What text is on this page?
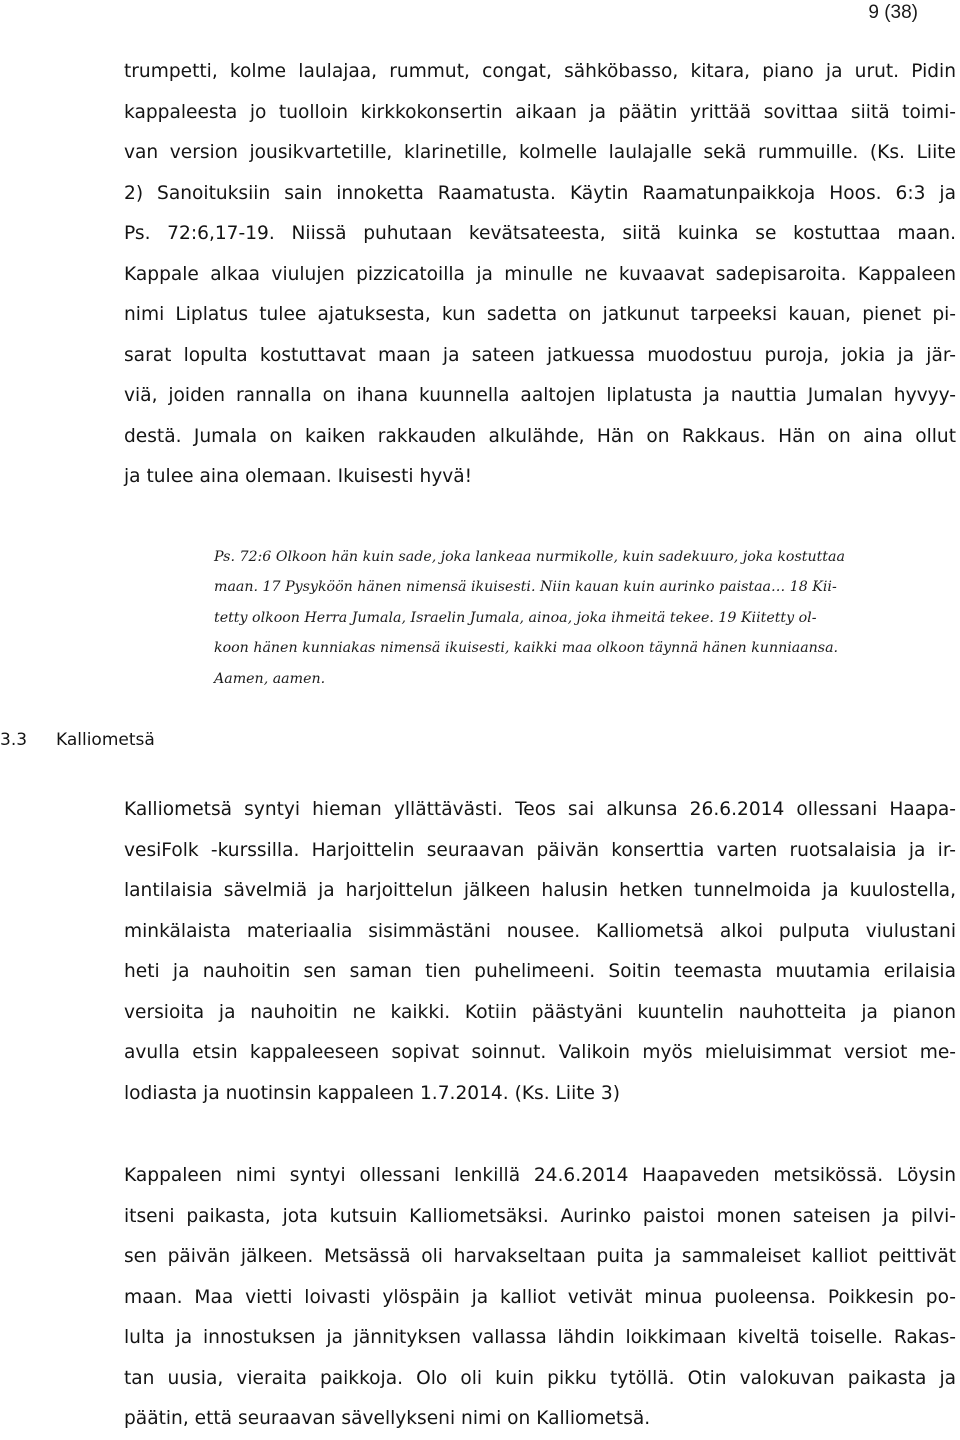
9 (38)
trumpetti, kolme laulajaa, rummut, congat, sähköbasso, kitara, piano ja urut. Pidin
kappaleesta jo tuolloin kirkkokonsertin aikaan ja päätin yrittää sovittaa siitä toimi-
van version jousikvartetille, klarinetille, kolmelle laulajalle sekä rummuille. (Ks. Liite
2) Sanoituksiin sain innoketta Raamatusta. Käytin Raamatunpaikkoja Hoos. 6:3 ja
Ps. 72:6,17-19. Niissä puhutaan kevätsateesta, siitä kuinka se kostuttaa maan.
Kappale alkaa viulujen pizzicatoilla ja minulle ne kuvaavat sadepisaroita. Kappaleen
nimi Liplatus tulee ajatuksesta, kun sadetta on jatkunut tarpeeksi kauan, pienet pi-
sarat lopulta kostuttavat maan ja sateen jatkuessa muodostuu puroja, jokia ja jär-
viä, joiden rannalla on ihana kuunnella aaltojen liplatusta ja nauttia Jumalan hyvyy-
destä. Jumala on kaiken rakkauden alkulähde, Hän on Rakkaus. Hän on aina ollut
ja tulee aina olemaan. Ikuisesti hyvä!
Ps. 72:6 Olkoon hän kuin sade, joka lankeaa nurmikolle, kuin sadekuuro, joka kostuttaa
maan. 17 Pysyköön hänen nimensä ikuisesti. Niin kauan kuin aurinko paistaa… 18 Kii-
tetty olkoon Herra Jumala, Israelin Jumala, ainoa, joka ihmeitä tekee. 19 Kiitetty ol-
koon hänen kunniakas nimensä ikuisesti, kaikki maa olkoon täynnä hänen kunniaansa.
Aamen, aamen.
3.3 Kalliometsä
Kalliometsä syntyi hieman yllättävästi. Teos sai alkunsa 26.6.2014 ollessani Haapa-
vesiFolk -kurssilla. Harjoittelin seuraavan päivän konserttia varten ruotsalaisia ja ir-
lantilaisia sävelmiä ja harjoittelun jälkeen halusin hetken tunnelmoida ja kuulostella,
minkälaista materiaalia sisimmästäni nousee. Kalliometsä alkoi pulputa viulustani
heti ja nauhoitin sen saman tien puhelimeeni. Soitin teemasta muutamia erilaisia
versioita ja nauhoitin ne kaikki. Kotiin päästyäni kuuntelin nauhotteita ja pianon
avulla etsin kappaleeseen sopivat soinnut. Valikoin myös mieluisimmat versiot me-
lodiasta ja nuotinsin kappaleen 1.7.2014. (Ks. Liite 3)
Kappaleen nimi syntyi ollessani lenkillä 24.6.2014 Haapaveden metsikössä. Löysin
itseni paikasta, jota kutsuin Kalliometsäksi. Aurinko paistoi monen sateisen ja pilvi-
sen päivän jälkeen. Metsässä oli harvakseltaan puita ja sammaleiset kalliot peittivät
maan. Maa vietti loivasti ylöspäin ja kalliot vetivät minua puoleensa. Poikkesin po-
lulta ja innostuksen ja jännityksen vallassa lähdin loikkimaan kiveltä toiselle. Rakas-
tan uusia, vieraita paikkoja. Olo oli kuin pikku tytöllä. Otin valokuvan paikasta ja
päätin, että seuraavan sävellykseni nimi on Kalliometsä.
